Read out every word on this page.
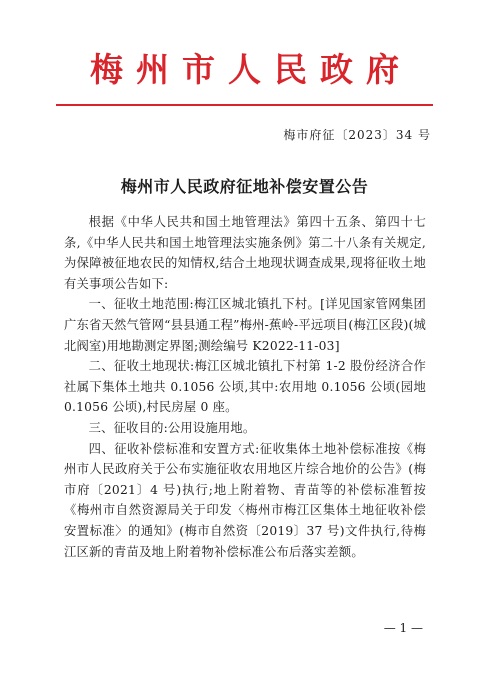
梅州市人民政府
梅市府征〔2023〕34 号
梅州市人民政府征地补偿安置公告

根据《中华人民共和国土地管理法》第四十五条、第四十七条,《中华人民共和国土地管理法实施条例》第二十八条有关规定,为保障被征地农民的知情权,结合土地现状调查成果,现将征收土地有关事项公告如下:

一、征收土地范围:梅江区城北镇扎下村。[详见国家管网集团广东省天然气管网“县县通工程”梅州-蕉岭-平远项目(梅江区段)(城北阀室)用地勘测定界图;测绘编号 K2022-11-03]

二、征收土地现状:梅江区城北镇扎下村第 1-2 股份经济合作社属下集体土地共 0.1056 公顷,其中:农用地 0.1056 公顷(园地 0.1056 公顷),村民房屋 0 座。

三、征收目的:公用设施用地。

四、征收补偿标准和安置方式:征收集体土地补偿标准按《梅州市人民政府关于公布实施征收农用地区片综合地价的公告》(梅市府〔2021〕4 号)执行;地上附着物、青苗等的补偿标准暂按《梅州市自然资源局关于印发〈梅州市梅江区集体土地征收补偿安置标准〉的通知》(梅市自然资〔2019〕37 号)文件执行,待梅江区新的青苗及地上附着物补偿标准公布后落实差额。

— 1 —
